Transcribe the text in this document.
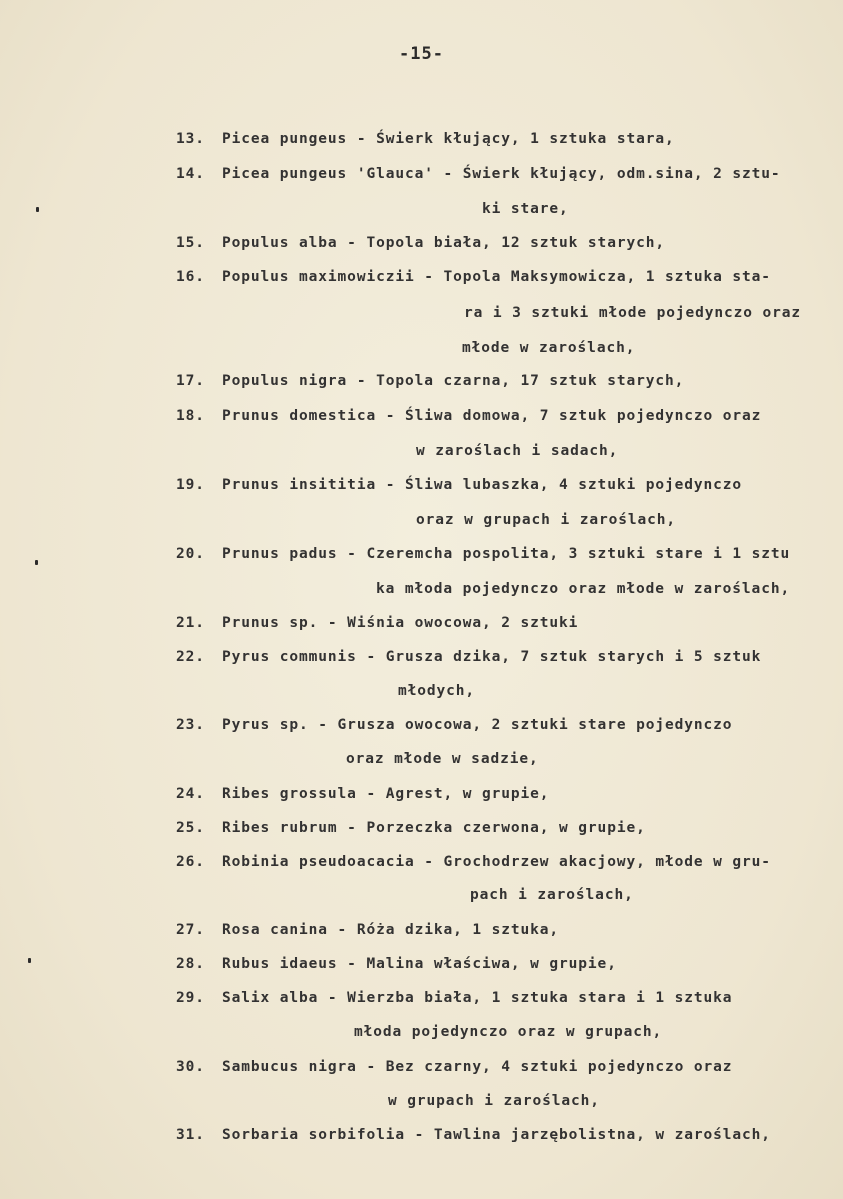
-15-
13. Picea pungeus - Świerk kłujący, 1 sztuka stara,
14. Picea pungeus 'Glauca' - Świerk kłujący, odm.sina, 2 sztu-
ki stare,
15. Populus alba - Topola biała, 12 sztuk starych,
16. Populus maximowiczii - Topola Maksymowicza, 1 sztuka sta-
ra i 3 sztuki młode pojedynczo oraz
młode w zaroślach,
17. Populus nigra - Topola czarna, 17 sztuk starych,
18. Prunus domestica - Śliwa domowa, 7 sztuk pojedynczo oraz
w zaroślach i sadach,
19. Prunus insititia - Śliwa lubaszka, 4 sztuki pojedynczo
oraz w grupach i zaroślach,
20. Prunus padus - Czeremcha pospolita, 3 sztuki stare i 1 sztu
ka młoda pojedynczo oraz młode w zaroślach,
21. Prunus sp. - Wiśnia owocowa, 2 sztuki
22. Pyrus communis - Grusza dzika, 7 sztuk starych i 5 sztuk
młodych,
23. Pyrus sp. - Grusza owocowa, 2 sztuki stare pojedynczo
oraz młode w sadzie,
24. Ribes grossula - Agrest, w grupie,
25. Ribes rubrum - Porzeczka czerwona, w grupie,
26. Robinia pseudoacacia - Grochodrzew akacjowy, młode w gru-
pach i zaroślach,
27. Rosa canina - Róża dzika, 1 sztuka,
28. Rubus idaeus - Malina właściwa, w grupie,
29. Salix alba - Wierzba biała, 1 sztuka stara i 1 sztuka
młoda pojedynczo oraz w grupach,
30. Sambucus nigra - Bez czarny, 4 sztuki pojedynczo oraz
w grupach i zaroślach,
31. Sorbaria sorbifolia - Tawlina jarzębolistna, w zaroślach,
